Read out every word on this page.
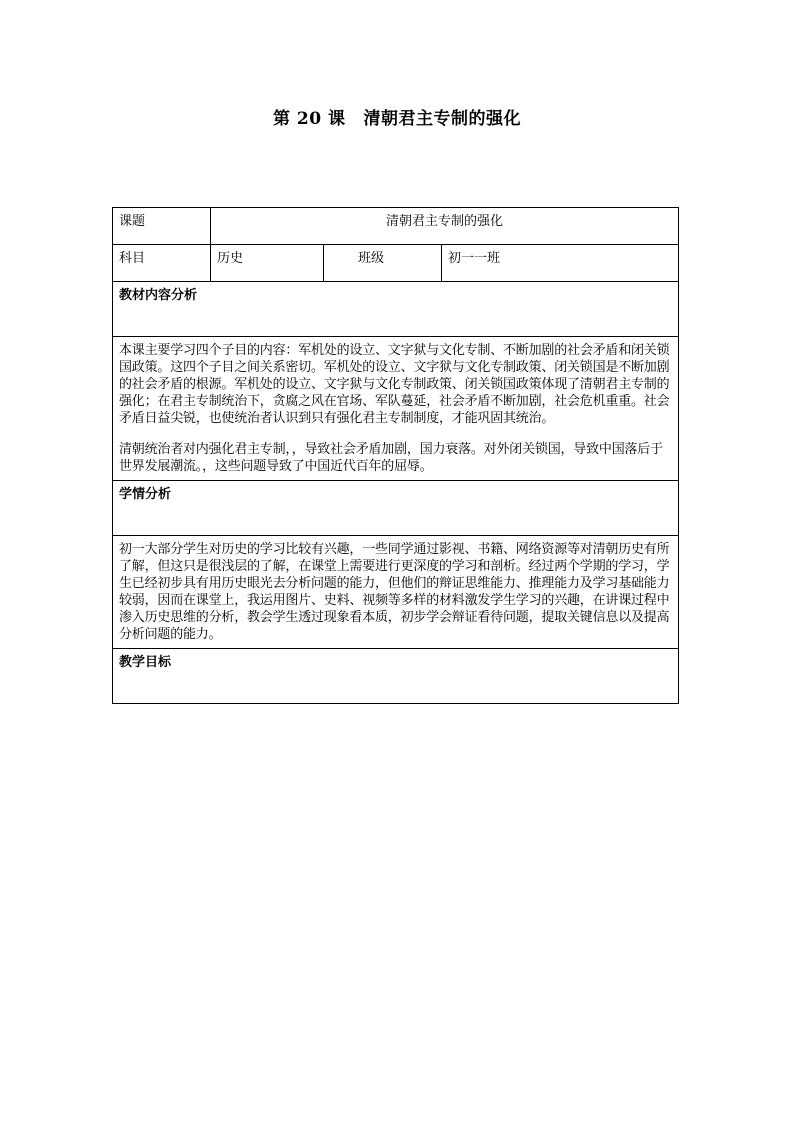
第 20 课 清朝君主专制的强化
课题	清朝君主专制的强化		
科目	历史	班级	初一一班
教材内容分析			

本课主要学习四个子目的内容：军机处的设立、文字狱与文化专制、不断加剧的社会矛盾和闭关锁国政策。这四个子目之间关系密切。军机处的设立、文字狱与文化专制政策、闭关锁国是不断加剧的社会矛盾的根源。军机处的设立、文字狱与文化专制政策、闭关锁国政策体现了清朝君主专制的强化；在君主专制统治下，贪腐之风在官场、军队蔓延，社会矛盾不断加剧，社会危机重重。社会矛盾日益尖锐，也使统治者认识到只有强化君主专制制度，才能巩固其统治。

清朝统治者对内强化君主专制，，导致社会矛盾加剧，国力衰落。对外闭关锁国，导致中国落后于世界发展潮流。，这些问题导致了中国近代百年的屈辱。			

学情分析			

初一大部分学生对历史的学习比较有兴趣，一些同学通过影视、书籍、网络资源等对清朝历史有所了解，但这只是很浅层的了解，在课堂上需要进行更深度的学习和剖析。经过两个学期的学习，学生已经初步具有用历史眼光去分析问题的能力，但他们的辩证思维能力、推理能力及学习基础能力较弱，因而在课堂上，我运用图片、史料、视频等多样的材料激发学生学习的兴趣，在讲课过程中渗入历史思维的分析，教会学生透过现象看本质，初步学会辩证看待问题，提取关键信息以及提高分析问题的能力。			

教学目标			
